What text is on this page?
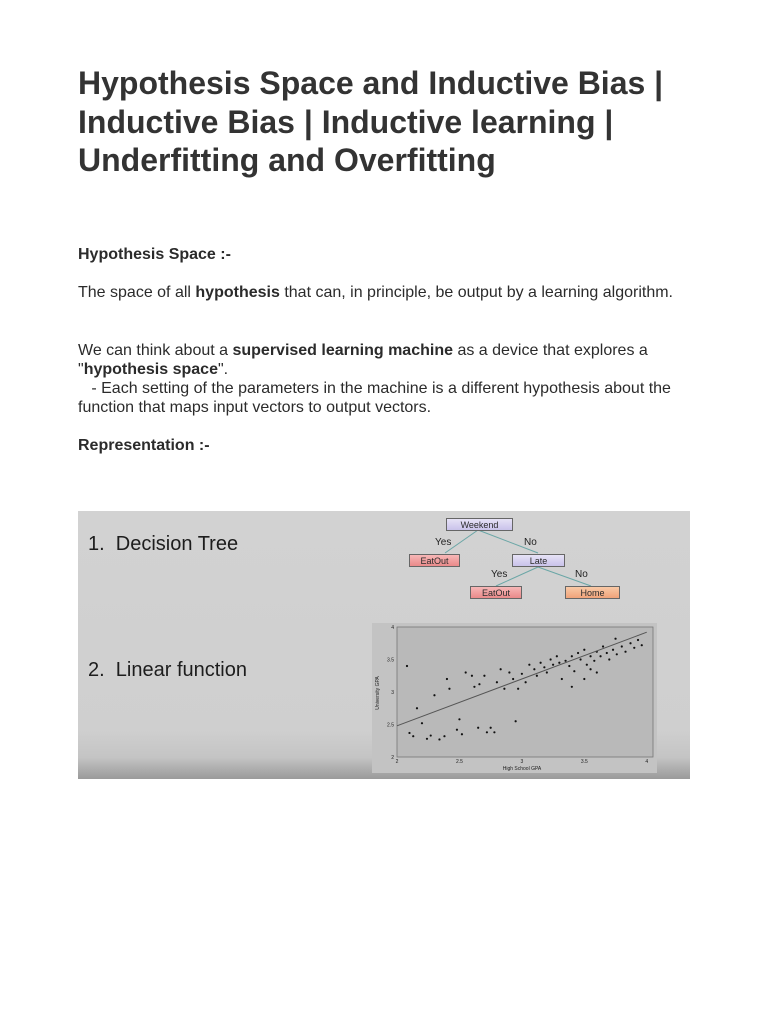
Hypothesis Space and Inductive Bias | Inductive Bias | Inductive learning | Underfitting and Overfitting

Hypothesis Space :-

The space of all hypothesis that can, in principle, be output by a learning algorithm.

We can think about a supervised learning machine as a device that explores a "hypothesis space".

- Each setting of the parameters in the machine is a different hypothesis about the function that maps input vectors to output vectors.

Representation :-

1.  Decision Tree
2.  Linear function
Weekend
Yes	No
EatOut	Late
Yes	No
EatOut	Home
4
3.5
3
2.5
2
2	2.5	3	3.5	4
High School GPA
University GPA
